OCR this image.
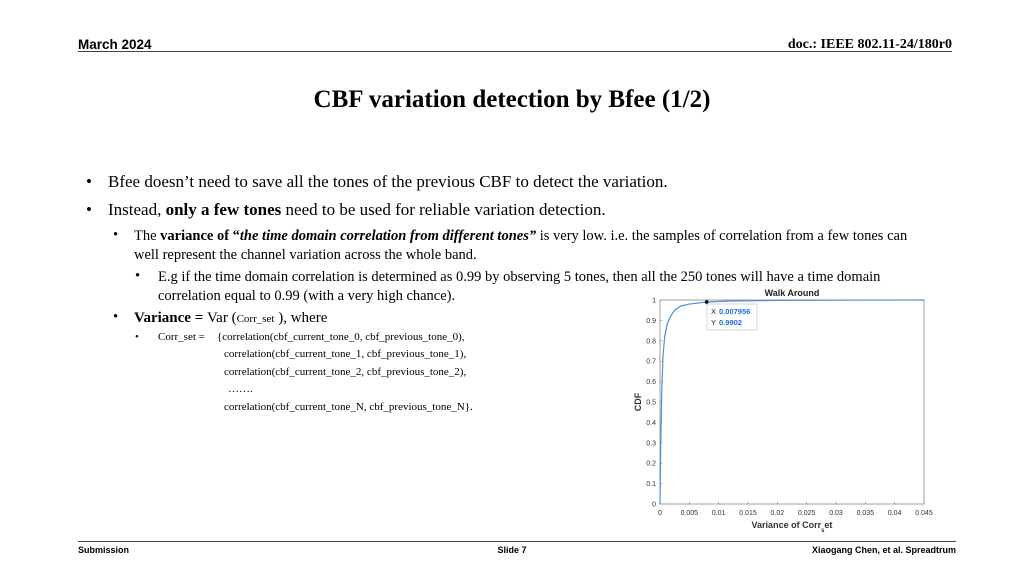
March 2024	doc.: IEEE 802.11-24/180r0
CBF variation detection by Bfee (1/2)
• Bfee doesn’t need to save all the tones of the previous CBF to detect the variation.
• Instead, only a few tones need to be used for reliable variation detection.
• The variance of “the time domain correlation from different tones” is very low. i.e. the samples of correlation from a few tones can well represent the channel variation across the whole band.
• E.g if the time domain correlation is determined as 0.99 by observing 5 tones, then all the 250 tones will have a time domain correlation equal to 0.99 (with a very high chance).
• Variance = Var (Corr_set ), where
• Corr_set = {correlation(cbf_current_tone_0, cbf_previous_tone_0),
correlation(cbf_current_tone_1, cbf_previous_tone_1),
correlation(cbf_current_tone_2, cbf_previous_tone_2),
…….
correlation(cbf_current_tone_N, cbf_previous_tone_N}.
Walk Around
0
0.1
0.2
0.3
0.4
0.5
0.6
0.7
0.8
0.9
1
0	0.005 0.01 0.015 0.02 0.025 0.03 0.035 0.04 0.045
CDF
Variance of Corr$_s$et
X 0.007956
Y 0.9902
Submission	Slide 7	Xiaogang Chen, et al. Spreadtrum
